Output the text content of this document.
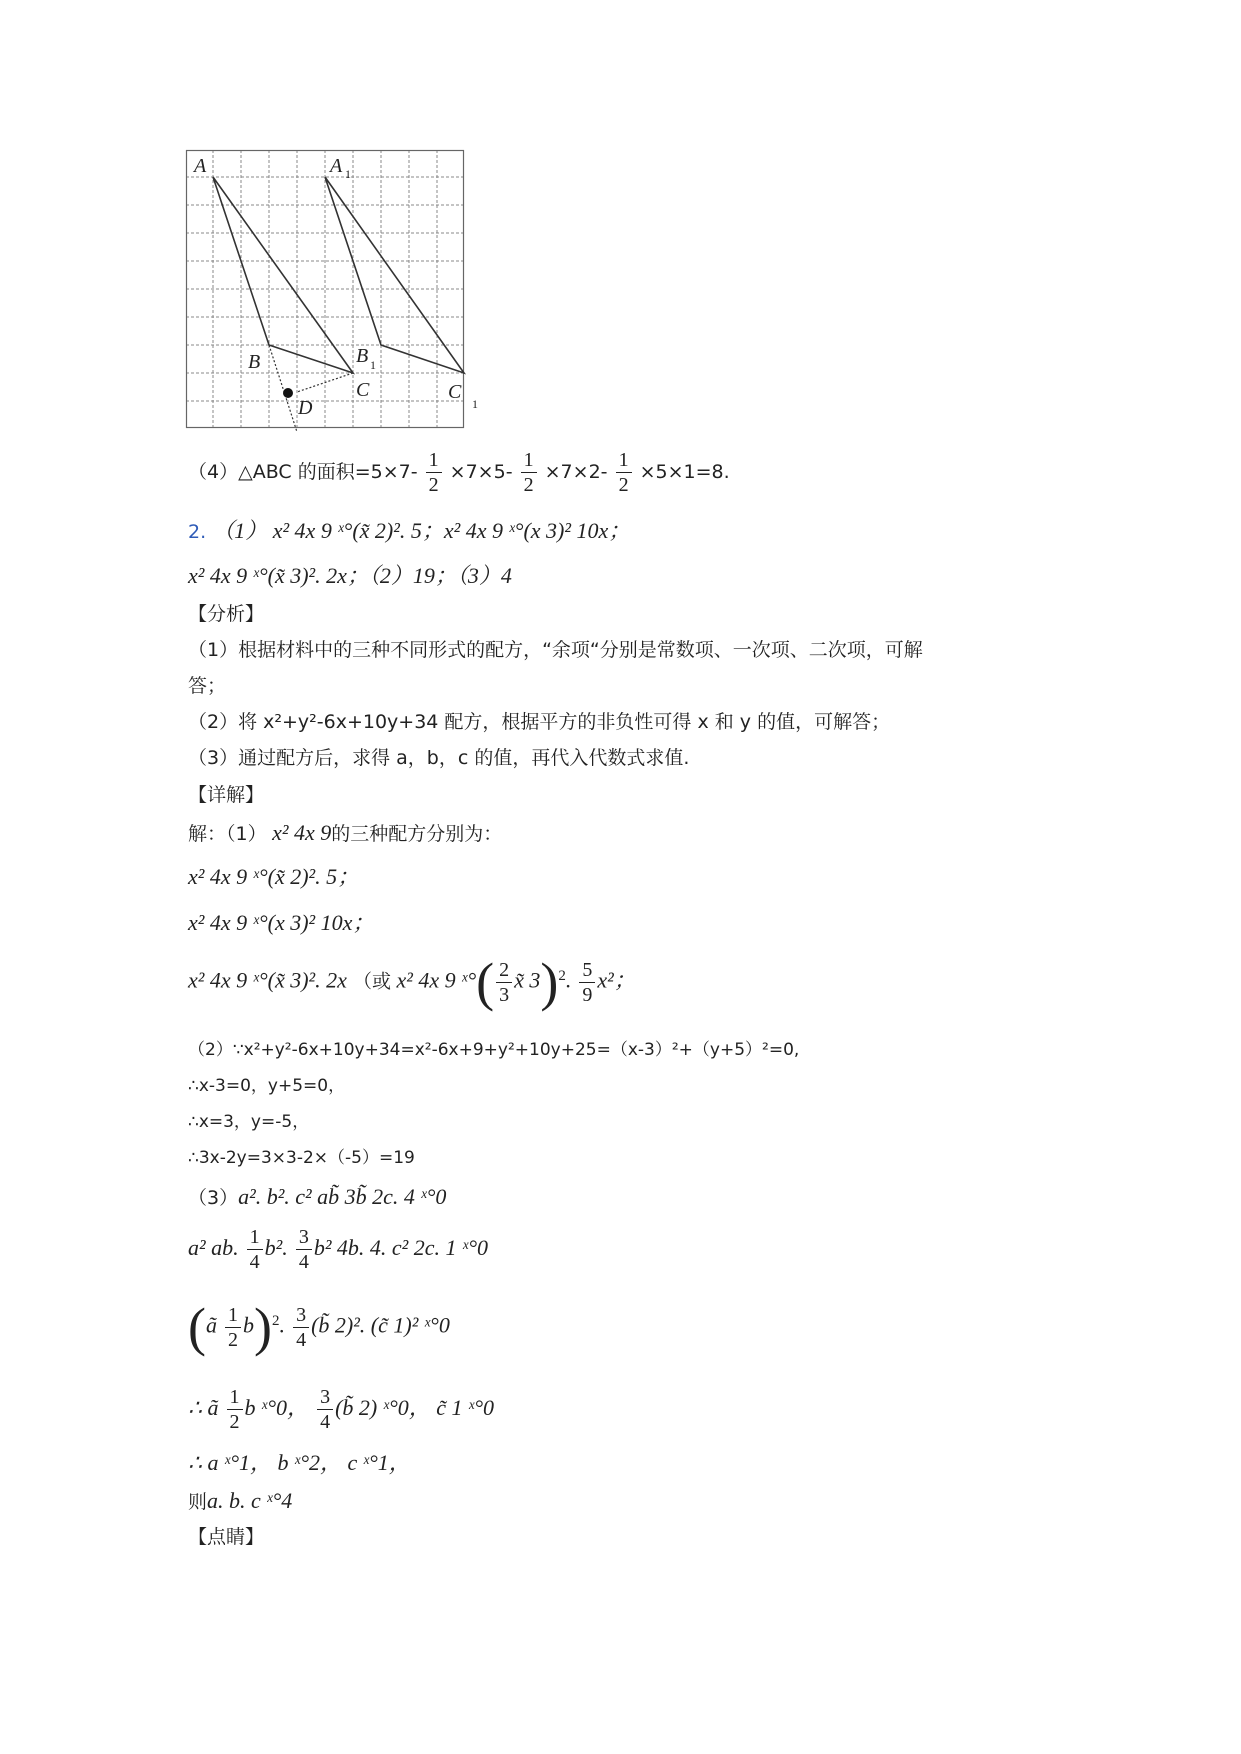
A	A 1
B	B 1
C	C
1
D
（4）△ABC 的面积$=5\times 7- \frac{1}{2} \times 7\times 5- \frac{1}{2} \times 7\times 2- \frac{1}{2} \times 5\times 1=8$.
2. （1） x² 4x 9 ˣ°(x̃ 2)². 5；x² 4x 9 ˣ°(x 3)² 10x；
x² 4x 9 ˣ°(x̃ 3)². 2x；（2）19；（3）4
【分析】
（1）根据材料中的三种不同形式的配方，“余项“分别是常数项、一次项、二次项，可解
答；
（2）将 x²+y²-6x+10y+34 配方，根据平方的非负性可得 x 和 y 的值，可解答；
（3）通过配方后，求得 a，b，c 的值，再代入代数式求值.
【详解】
解：（1） x² 4x 9的三种配方分别为：
x² 4x 9 ˣ°(x̃ 2)². 5；
x² 4x 9 ˣ°(x 3)² 10x；
x² 4x 9 ˣ°(x̃ 3)². 2x （或 x² 4x 9 ˣ°( $\frac{2}{3}$ x̃ 3)$^2$. $\frac{5}{9} x^2$；
（2）∵x²+y²-6x+10y+34=x²-6x+9+y²+10y+25=（x-3）²+（y+5）²=0,
∴x-3=0，y+5=0，
∴x=3，y=-5，
∴3x-2y=3×3-2×（-5）=19
（3）a². b². c² ab̃ 3b̃ 2c. 4 ˣ°0
a² ab. $\frac{1}{4} b^2$. $\frac{3}{4} b^2$ 4b. 4. c² 2c. 1 ˣ°0
(ã $\frac{1}{2} b)^2$. $\frac{3}{4}$ (b̃ 2)². (c̃ 1)² ˣ°0
∴ ã $\frac{1}{2}$ b ˣ°0， $\frac{3}{4}$ (b̃ 2) ˣ°0， c̃ 1 ˣ°0
∴ a ˣ°1， b ˣ°2， c ˣ°1，
则a. b. c ˣ°4
【点睛】
